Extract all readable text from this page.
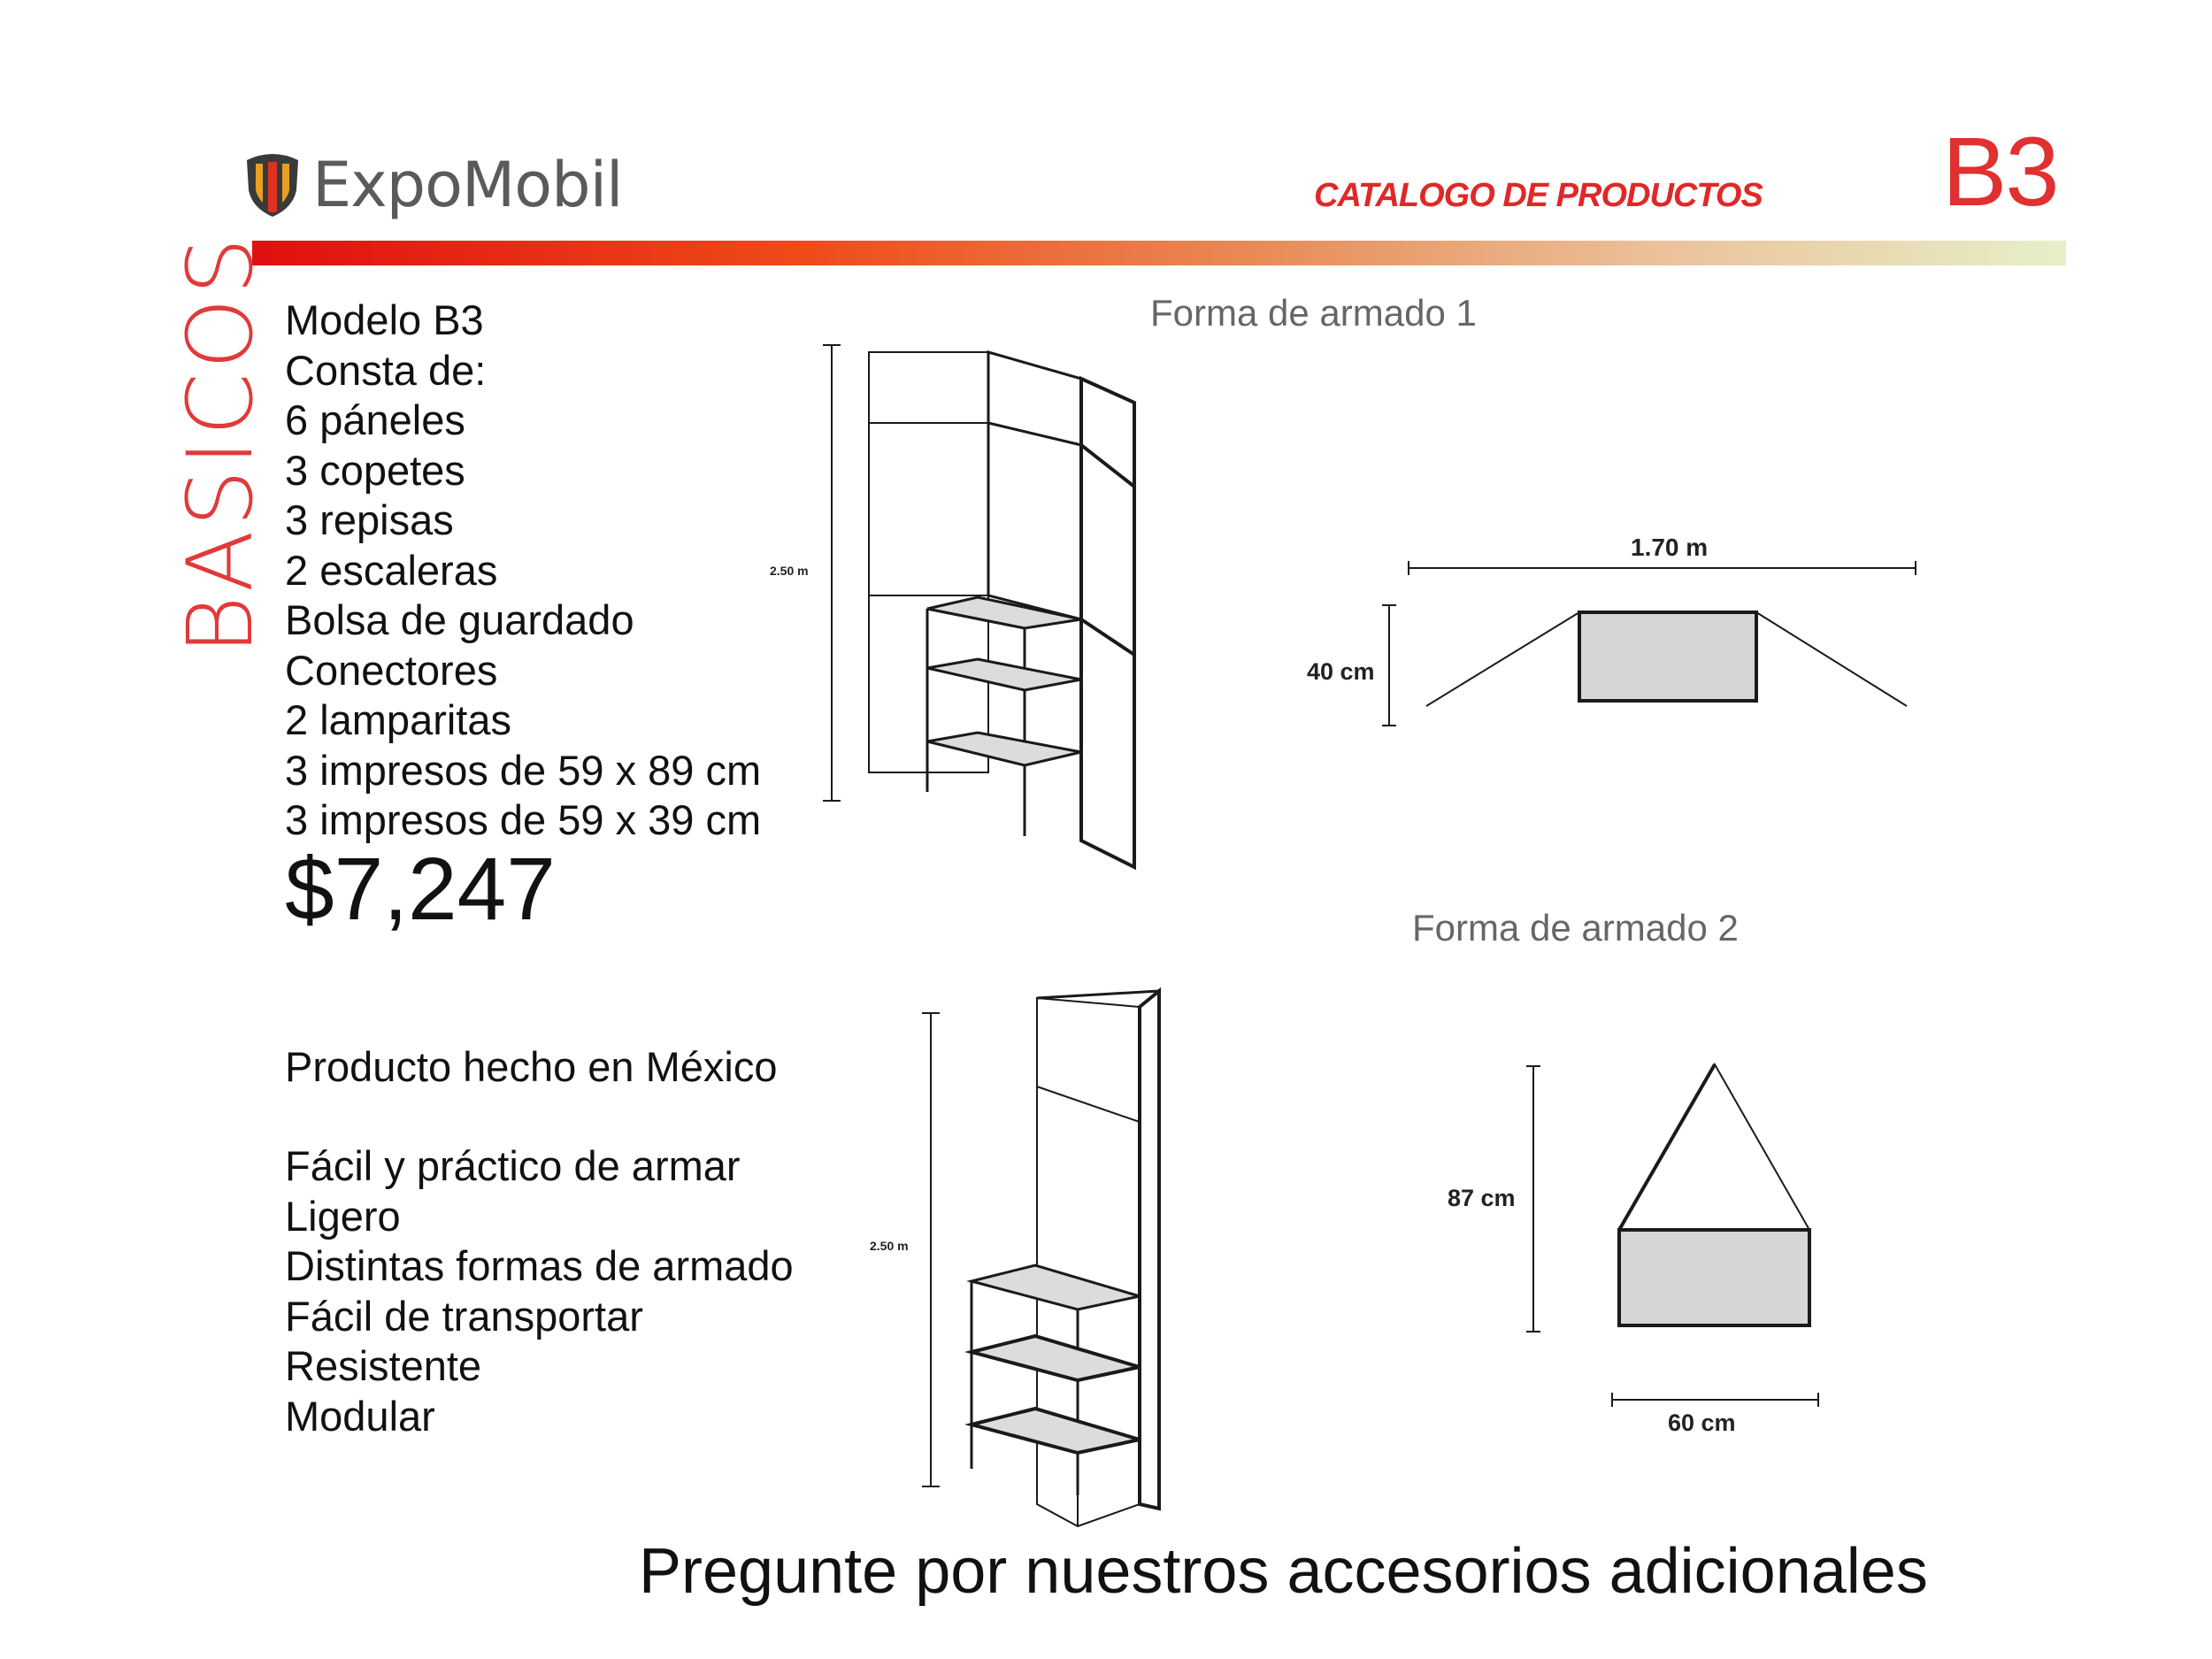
ExpoMobil	CATALOGO DE PRODUCTOS B3
BASICOS Modelo B3
Consta de:
6 páneles
3 copetes
3 repisas
2 escaleras
Bolsa de guardado
Conectores
2 lamparitas
3 impresos de 59 x 89 cm
3 impresos de 59 x 39 cm
$7,247
Producto hecho en México
Fácil y práctico de armar
Ligero
Distintas formas de armado
Fácil de transportar
Resistente
Modular
Forma de armado 1
Forma de armado 2
2.50 m
1.70 m
40 cm
2.50 m
87 cm
60 cm
Pregunte por nuestros accesorios adicionales
